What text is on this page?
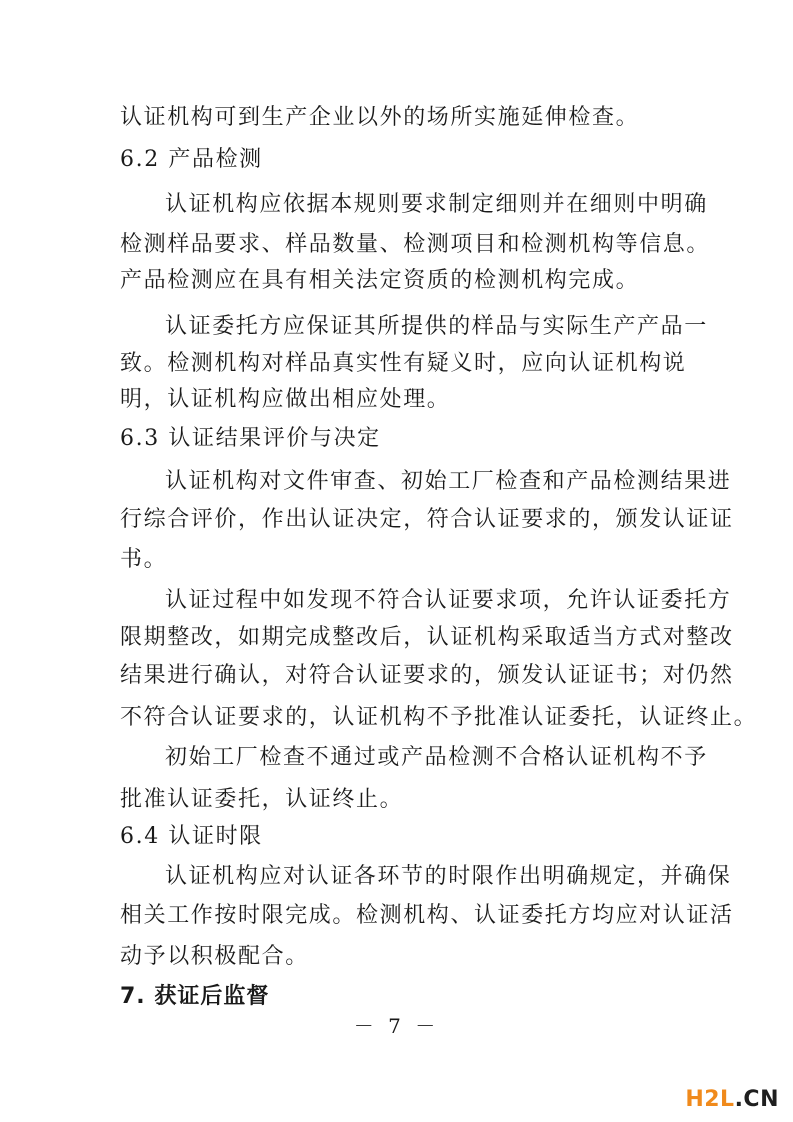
认证机构可到生产企业以外的场所实施延伸检查。
6.2 产品检测
认证机构应依据本规则要求制定细则并在细则中明确
检测样品要求、样品数量、检测项目和检测机构等信息。
产品检测应在具有相关法定资质的检测机构完成。
认证委托方应保证其所提供的样品与实际生产产品一
致。检测机构对样品真实性有疑义时，应向认证机构说
明，认证机构应做出相应处理。
6.3 认证结果评价与决定
认证机构对文件审查、初始工厂检查和产品检测结果进
行综合评价，作出认证决定，符合认证要求的，颁发认证证
书。
认证过程中如发现不符合认证要求项，允许认证委托方
限期整改，如期完成整改后，认证机构采取适当方式对整改
结果进行确认，对符合认证要求的，颁发认证证书；对仍然
不符合认证要求的，认证机构不予批准认证委托，认证终止。
初始工厂检查不通过或产品检测不合格认证机构不予
批准认证委托，认证终止。
6.4 认证时限
认证机构应对认证各环节的时限作出明确规定，并确保
相关工作按时限完成。检测机构、认证委托方均应对认证活
动予以积极配合。
7. 获证后监督
－ 7 －
H2L.CN
